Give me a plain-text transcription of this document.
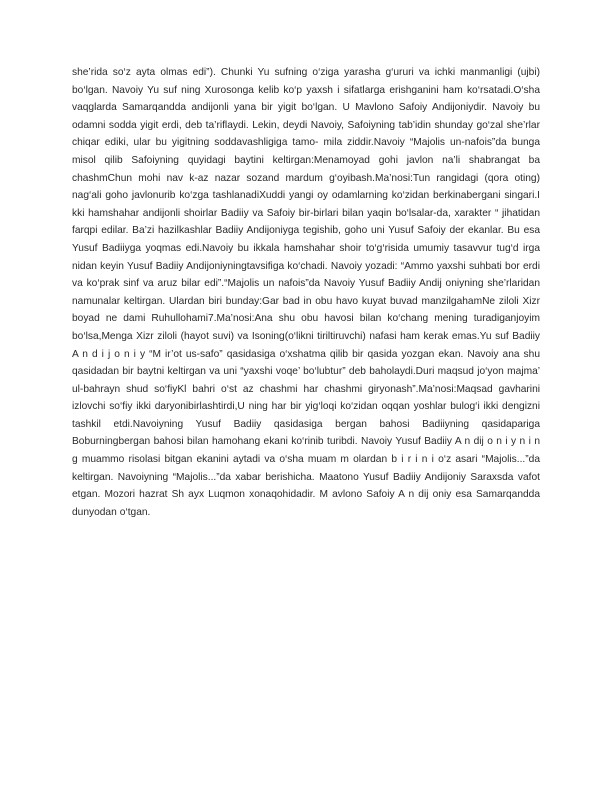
she’rida so‘z ayta olmas edi”). Chunki Yu sufning o‘ziga yarasha g‘ururi va ichki manmanligi (ujbi) bo‘lgan. Navoiy Yu suf ning Xurosonga kelib ko‘p yaxsh i sifatlarga erishganini ham ko‘rsatadi.O‘sha vaqglarda Samarqandda andijonli yana bir yigit bo‘lgan. U Mavlono Safoiy Andijoniydir. Navoiy bu odamni sodda yigit erdi, deb ta’riflaydi. Lekin, deydi Navoiy, Safoiyning tab’idin shunday go‘zal she’rlar chiqar ediki, ular bu yigitning soddavashligiga tamo- mila ziddir.Navoiy “Majolis un-nafois”da bunga misol qilib Safoiyning quyidagi baytini keltirgan:Menamoyad gohi javlon na’li shabrangat ba chashmChun mohi nav k-az nazar sozand mardum g‘oyibash.Ma’nosi:Tun rangidagi (qora oting) nag‘ali goho javlonurib ko‘zga tashlanadiXuddi yangi oy odamlarning ko‘zidan berkinabergani singari.I kki hamshahar andijonli shoirlar Badiiy va Safoiy bir-birlari bilan yaqin bo‘lsalar-da, xarakter “ jihatidan farqpi edilar. Ba’zi hazilkashlar Badiiy Andijoniyga tegishib, goho uni Yusuf Safoiy der ekanlar. Bu esa Yusuf Badiiyga yoqmas edi.Navoiy bu ikkala hamshahar shoir to‘g‘risida umumiy tasavvur tug‘d irga nidan keyin Yusuf Badiiy Andijoniyningtavsifiga ko‘chadi. Navoiy yozadi: “Ammo yaxshi suhbati bor erdi va ko‘prak sinf va aruz bilar edi”.“Majolis un nafois”da Navoiy Yusuf Badiiy Andij oniyning she’rlaridan namunalar keltirgan. Ulardan biri bunday:Gar bad in obu havo kuyat buvad manzilgahamNe ziloli Xizr boyad ne dami Ruhullohami7.Ma’nosi:Ana shu obu havosi bilan ko‘chang mening turadiganjoyim bo‘lsa,Menga Xizr ziloli (hayot suvi) va Isoning(o‘likni tiriltiruvchi) nafasi ham kerak emas.Yu suf Badiiy A n d i j o n i y “M ir’ot us-safo” qasidasiga o‘xshatma qilib bir qasida yozgan ekan. Navoiy ana shu qasidadan bir baytni keltirgan va uni “yaxshi voqe’ bo‘lubtur” deb baholaydi.Duri maqsud jo‘yon majma’ ul-bahrayn shud so‘fiyKl bahri o‘st az chashmi har chashmi giryonash”.Ma’nosi:Maqsad gavharini izlovchi so‘fiy ikki daryonibirlashtirdi,U ning har bir yig‘loqi ko‘zidan oqqan yoshlar bulog‘i ikki dengizni tashkil etdi.Navoiyning Yusuf Badiiy qasidasiga bergan bahosi Badiiyning qasidapariga Boburningbergan bahosi bilan hamohang ekani ko‘rinib turibdi. Navoiy Yusuf Badiiy A n dij o n i y n i n g muammo risolasi bitgan ekanini aytadi va o‘sha muam m olardan b i r i n i o‘z asari “Majolis...”da keltirgan. Navoiyning “Majolis...”da xabar berishicha. Maatono Yusuf Badiiy Andijoniy Saraxsda vafot etgan. Mozori hazrat Sh ayx Luqmon xonaqohidadir. M avlono Safoiy A n dij oniy esa Samarqandda dunyodan o‘tgan.
